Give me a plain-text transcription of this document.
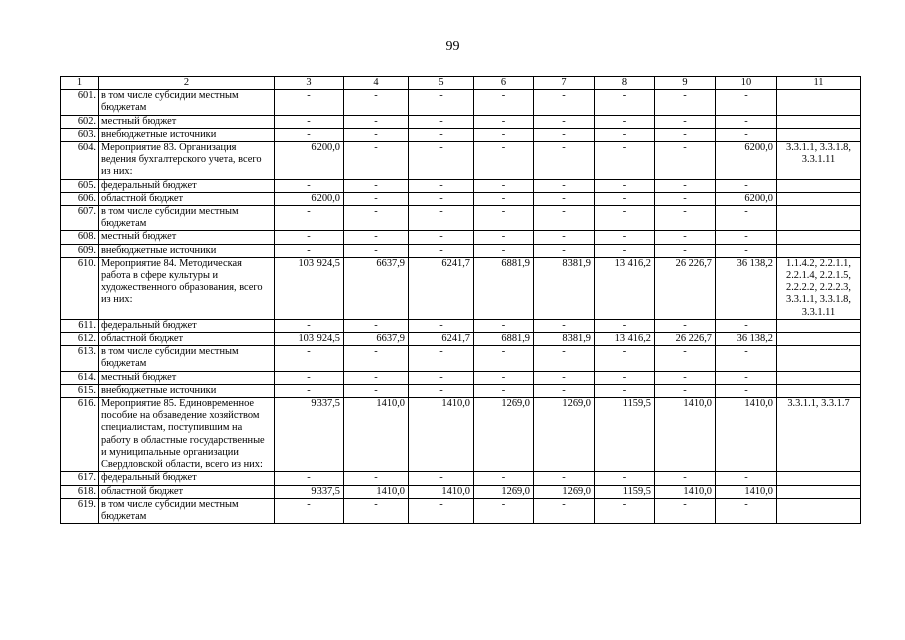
99
1	2	3	4	5	6	7	8	9	10	11
601.	в том числе субсидии местным бюджетам	-	-	-	-	-	-	-	-	
602.	местный бюджет	-	-	-	-	-	-	-	-	
603.	внебюджетные источники	-	-	-	-	-	-	-	-	
604.	Мероприятие 83. Организация ведения бухгалтерского учета, всего из них:	6200,0	-	-	-	-	-	-	6200,0	3.3.1.1, 3.3.1.8, 3.3.1.11
605.	федеральный бюджет	-	-	-	-	-	-	-	-	
606.	областной бюджет	6200,0	-	-	-	-	-	-	6200,0	
607.	в том числе субсидии местным бюджетам	-	-	-	-	-	-	-	-	
608.	местный бюджет	-	-	-	-	-	-	-	-	
609.	внебюджетные источники	-	-	-	-	-	-	-	-	
610.	Мероприятие 84. Методическая работа в сфере культуры и художественного образования, всего из них:	103 924,5	6637,9	6241,7	6881,9	8381,9	13 416,2	26 226,7	36 138,2	1.1.4.2, 2.2.1.1, 2.2.1.4, 2.2.1.5, 2.2.2.2, 2.2.2.3, 3.3.1.1, 3.3.1.8, 3.3.1.11
611.	федеральный бюджет	-	-	-	-	-	-	-	-	
612.	областной бюджет	103 924,5	6637,9	6241,7	6881,9	8381,9	13 416,2	26 226,7	36 138,2	
613.	в том числе субсидии местным бюджетам	-	-	-	-	-	-	-	-	
614.	местный бюджет	-	-	-	-	-	-	-	-	
615.	внебюджетные источники	-	-	-	-	-	-	-	-	
616.	Мероприятие 85. Единовременное пособие на обзаведение хозяйством специалистам, поступившим на работу в областные государственные и муниципальные организации Свердловской области, всего из них:	9337,5	1410,0	1410,0	1269,0	1269,0	1159,5	1410,0	1410,0	3.3.1.1, 3.3.1.7
617.	федеральный бюджет	-	-	-	-	-	-	-	-	
618.	областной бюджет	9337,5	1410,0	1410,0	1269,0	1269,0	1159,5	1410,0	1410,0	
619.	в том числе субсидии местным бюджетам	-	-	-	-	-	-	-	-	
